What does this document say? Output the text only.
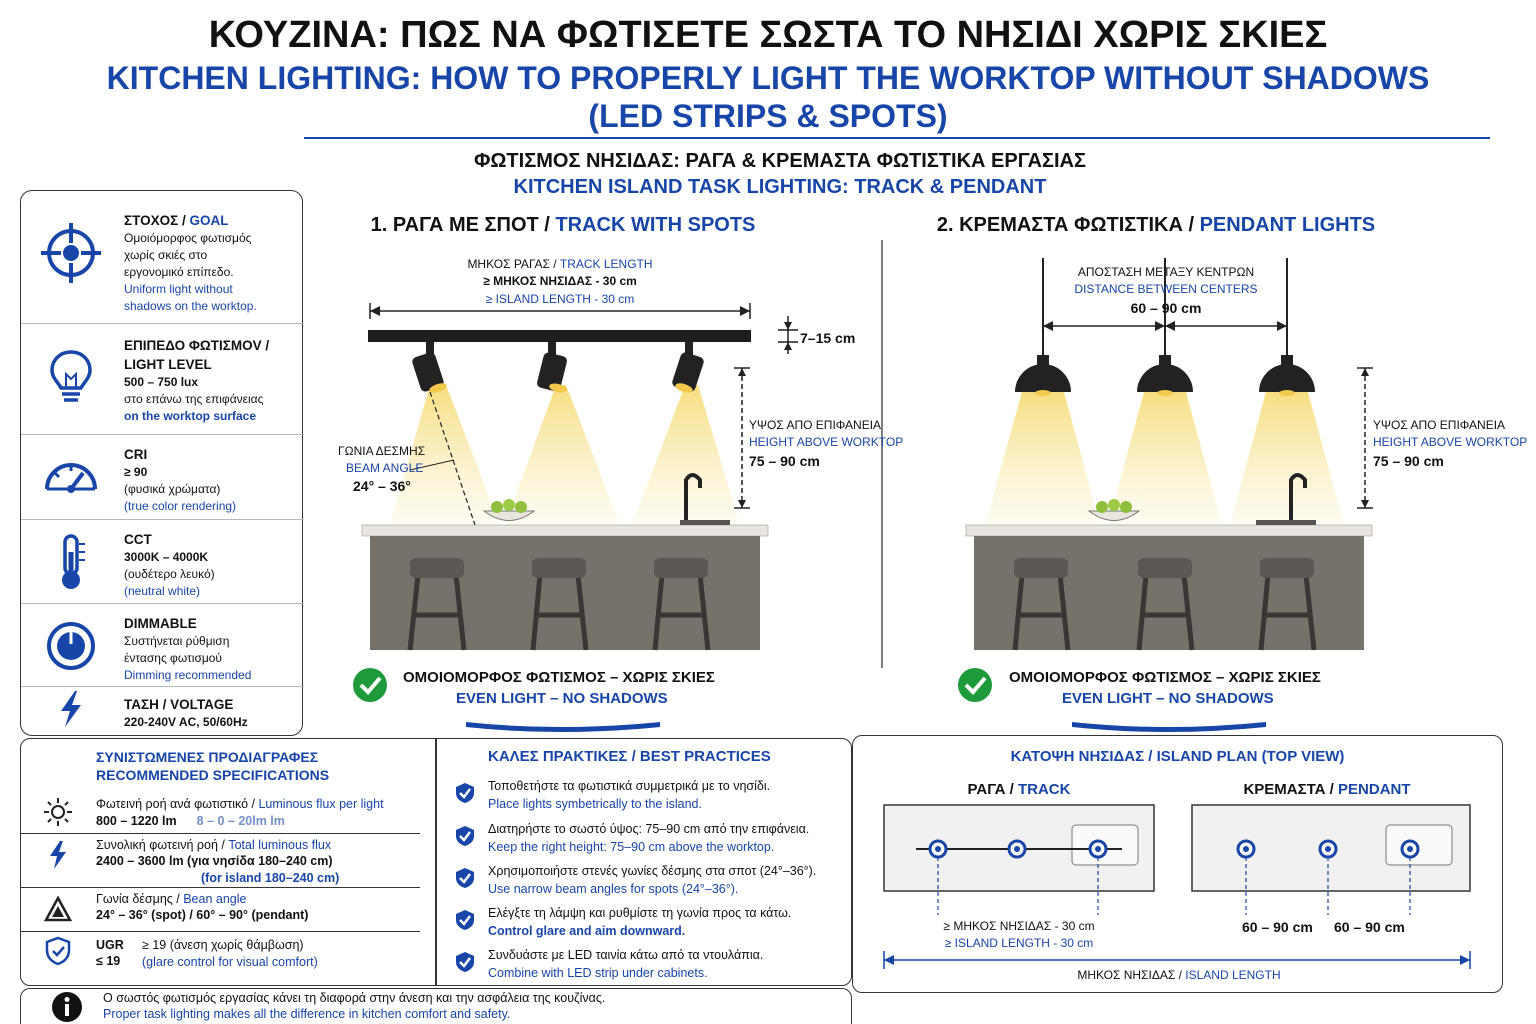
ΚΟΥΖΙΝΑ: ΠΩΣ ΝΑ ΦΩΤΙΣΕΤΕ ΣΩΣΤΑ ΤΟ ΝΗΣΙΔΙ ΧΩΡΙΣ ΣΚΙΕΣ
KITCHEN LIGHTING: HOW TO PROPERLY LIGHT THE WORKTOP WITHOUT SHADOWS
(LED STRIPS & SPOTS)
ΦΩΤΙΣΜΟΣ ΝΗΣΙΔΑΣ: ΡΑΓΑ & ΚΡΕΜΑΣΤΑ ΦΩΤΙΣΤΙΚΑ ΕΡΓΑΣΙΑΣ
KITCHEN ISLAND TASK LIGHTING: TRACK & PENDANT
ΣΤΟΧΟΣ / GOAL
Ομοιόμορφος φωτισμός
χωρίς σκιές στο
εργονομικό επίπεδο.
Uniform light without
shadows on the worktop.
ΕΠΙΠΕΔΟ ΦΩΤΙΣΜΟV /
LIGHT LEVEL
500 – 750 lux
στο επάνω της επιφάνειας
on the worktop surface
CRI
≥ 90
(φυσικά χρώματα)
(true color rendering)
CCT
3000K – 4000K
(ουδέτερο λευκό)
(neutral white)
DIMMABLE
Συστήνεται ρύθμιση
έντασης φωτισμού
Dimming recommended
ΤΑΣΗ / VOLTAGE
220-240V AC, 50/60Hz
1. ΡΑΓΑ ΜΕ ΣΠΟΤ / TRACK WITH SPOTS
ΜΗΚΟΣ ΡΑΓΑΣ / TRACK LENGTH
≥ ΜΗΚΟΣ ΝΗΣΙΔΑΣ - 30 cm
≥ ISLAND LENGTH - 30 cm
7–15 cm
ΓΩΝΙΑ ΔΕΣΜΗΣ
BEAM ANGLE
24° – 36°
ΥΨΟΣ ΑΠΟ ΕΠΙΦΑΝΕΙΑ
HEIGHT ABOVE WORKTOP
75 – 90 cm
ΟΜΟΙΟΜΟΡΦΟΣ ΦΩΤΙΣΜΟΣ – ΧΩΡΙΣ ΣΚΙΕΣ
EVEN LIGHT – NO SHADOWS
2. ΚΡΕΜΑΣΤΑ ΦΩΤΙΣΤΙΚΑ / PENDANT LIGHTS
ΑΠΟΣΤΑΣΗ ΜΕΤΑΞΥ ΚΕΝΤΡΩΝ
DISTANCE BETWEEN CENTERS
60 – 90 cm
ΥΨΟΣ ΑΠΟ ΕΠΙΦΑΝΕΙΑ
HEIGHT ABOVE WORKTOP
75 – 90 cm
ΟΜΟΙΟΜΟΡΦΟΣ ΦΩΤΙΣΜΟΣ – ΧΩΡΙΣ ΣΚΙΕΣ
EVEN LIGHT – NO SHADOWS
ΣΥΝΙΣΤΩΜΕΝΕΣ ΠΡΟΔΙΑΓΡΑΦΕΣ
RECOMMENDED SPECIFICATIONS
Φωτεινή ροή ανά φωτιστικό / Luminous flux per light
800 – 1220 lm 8 – 0 – 20lm lm
Συνολική φωτεινή ροή / Total luminous flux
2400 – 3600 lm (για νησίδα 180–240 cm)
(for island 180–240 cm)
Γωνία δέσμης / Bean angle
24° – 36° (spot) / 60° – 90° (pendant)
UGR
≤ 19
≥ 19 (άνεση χωρίς θάμβωση)
(glare control for visual comfort)
ΚΑΛΕΣ ΠΡΑΚΤΙΚΕΣ / BEST PRACTICES
Τοποθετήστε τα φωτιστικά συμμετρικά με το νησίδι.
Place lights symbetrically to the island.
Διατηρήστε το σωστό ύψος: 75–90 cm από την επιφάνεια.
Keep the right height: 75–90 cm above the worktop.
Χρησιμοποιήστε στενές γωνίες δέσμης στα σποτ (24°–36°).
Use narrow beam angles for spots (24°–36°).
Ελέγξτε τη λάμψη και ρυθμίστε τη γωνία προς τα κάτω.
Control glare and aim downward.
Συνδυάστε με LED ταινία κάτω από τα ντουλάπια.
Combine with LED strip under cabinets.
ΚΑΤΟΨΗ ΝΗΣΙΔΑΣ / ISLAND PLAN (TOP VIEW)
ΡΑΓΑ / TRACK	ΚΡΕΜΑΣΤΑ / PENDANT
≥ ΜΗΚΟΣ ΝΗΣΙΔΑΣ - 30 cm
≥ ISLAND LENGTH - 30 cm
60 – 90 cm 60 – 90 cm
ΜΗΚΟΣ ΝΗΣΙΔΑΣ / ISLAND LENGTH
Ο σωστός φωτισμός εργασίας κάνει τη διαφορά στην άνεση και την ασφάλεια της κουζίνας.
Proper task lighting makes all the difference in kitchen comfort and safety.
